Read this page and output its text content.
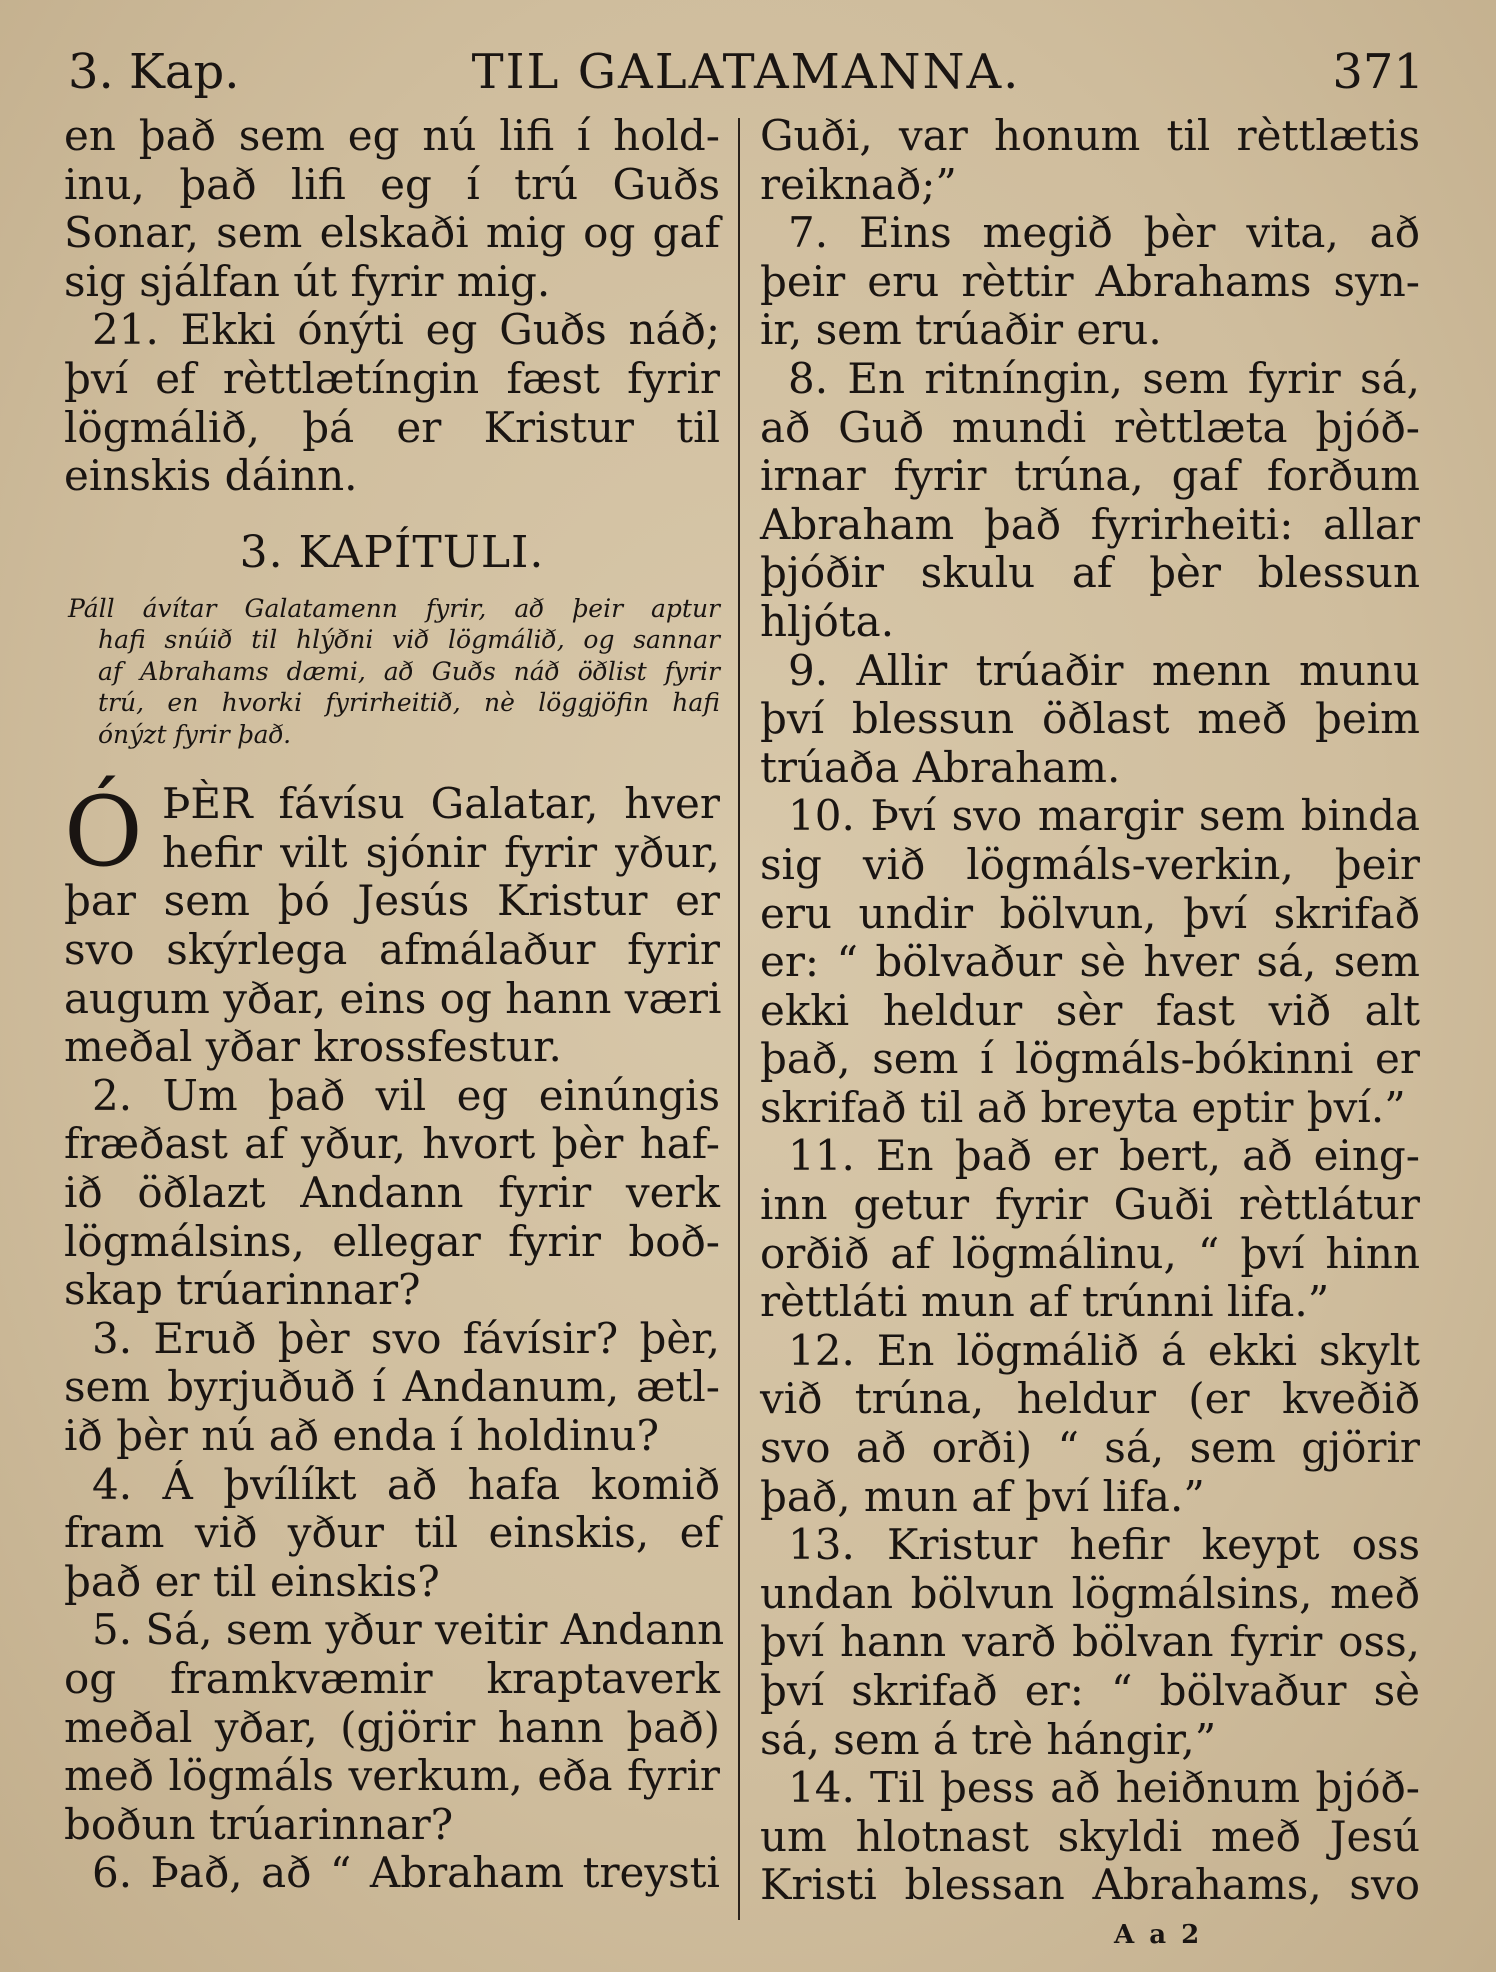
3. Kap.	TIL GALATAMANNA.	371
en það sem eg nú lifi í hold-
inu, það lifi eg í trú Guðs
Sonar, sem elskaði mig og gaf
sig sjálfan út fyrir mig.
21. Ekki ónýti eg Guðs náð;
því ef rèttlætíngin fæst fyrir
lögmálið, þá er Kristur til
einskis dáinn.
3. KAPÍTULI.
Páll ávítar Galatamenn fyrir, að þeir aptur
hafi snúið til hlýðni við lögmálið, og sannar
af Abrahams dæmi, að Guðs náð öðlist fyrir
trú, en hvorki fyrirheitið, nè löggjöfin hafi
ónýzt fyrir það.
Ó ÞÈR fávísu Galatar, hver
hefir vilt sjónir fyrir yður,
þar sem þó Jesús Kristur er
svo skýrlega afmálaður fyrir
augum yðar, eins og hann væri
meðal yðar krossfestur.
2. Um það vil eg einúngis
fræðast af yður, hvort þèr haf-
ið öðlazt Andann fyrir verk
lögmálsins, ellegar fyrir boð-
skap trúarinnar?
3. Eruð þèr svo fávísir? þèr,
sem byrjuðuð í Andanum, ætl-
ið þèr nú að enda í holdinu?
4. Á þvílíkt að hafa komið
fram við yður til einskis, ef
það er til einskis?
5. Sá, sem yður veitir Andann
og framkvæmir kraptaverk
meðal yðar, (gjörir hann það)
með lögmáls verkum, eða fyrir
boðun trúarinnar?
6. Það, að “ Abraham treysti
Guði, var honum til rèttlætis
reiknað;”
7. Eins megið þèr vita, að
þeir eru rèttir Abrahams syn-
ir, sem trúaðir eru.
8. En ritníngin, sem fyrir sá,
að Guð mundi rèttlæta þjóð-
irnar fyrir trúna, gaf forðum
Abraham það fyrirheiti: allar
þjóðir skulu af þèr blessun
hljóta.
9. Allir trúaðir menn munu
því blessun öðlast með þeim
trúaða Abraham.
10. Því svo margir sem binda
sig við lögmáls-verkin, þeir
eru undir bölvun, því skrifað
er: “ bölvaður sè hver sá, sem
ekki heldur sèr fast við alt
það, sem í lögmáls-bókinni er
skrifað til að breyta eptir því.”
11. En það er bert, að eing-
inn getur fyrir Guði rèttlátur
orðið af lögmálinu, “ því hinn
rèttláti mun af trúnni lifa.”
12. En lögmálið á ekki skylt
við trúna, heldur (er kveðið
svo að orði) “ sá, sem gjörir
það, mun af því lifa.”
13. Kristur hefir keypt oss
undan bölvun lögmálsins, með
því hann varð bölvan fyrir oss,
því skrifað er: “ bölvaður sè
sá, sem á trè hángir,”
14. Til þess að heiðnum þjóð-
um hlotnast skyldi með Jesú
Kristi blessan Abrahams, svo
A a 2
